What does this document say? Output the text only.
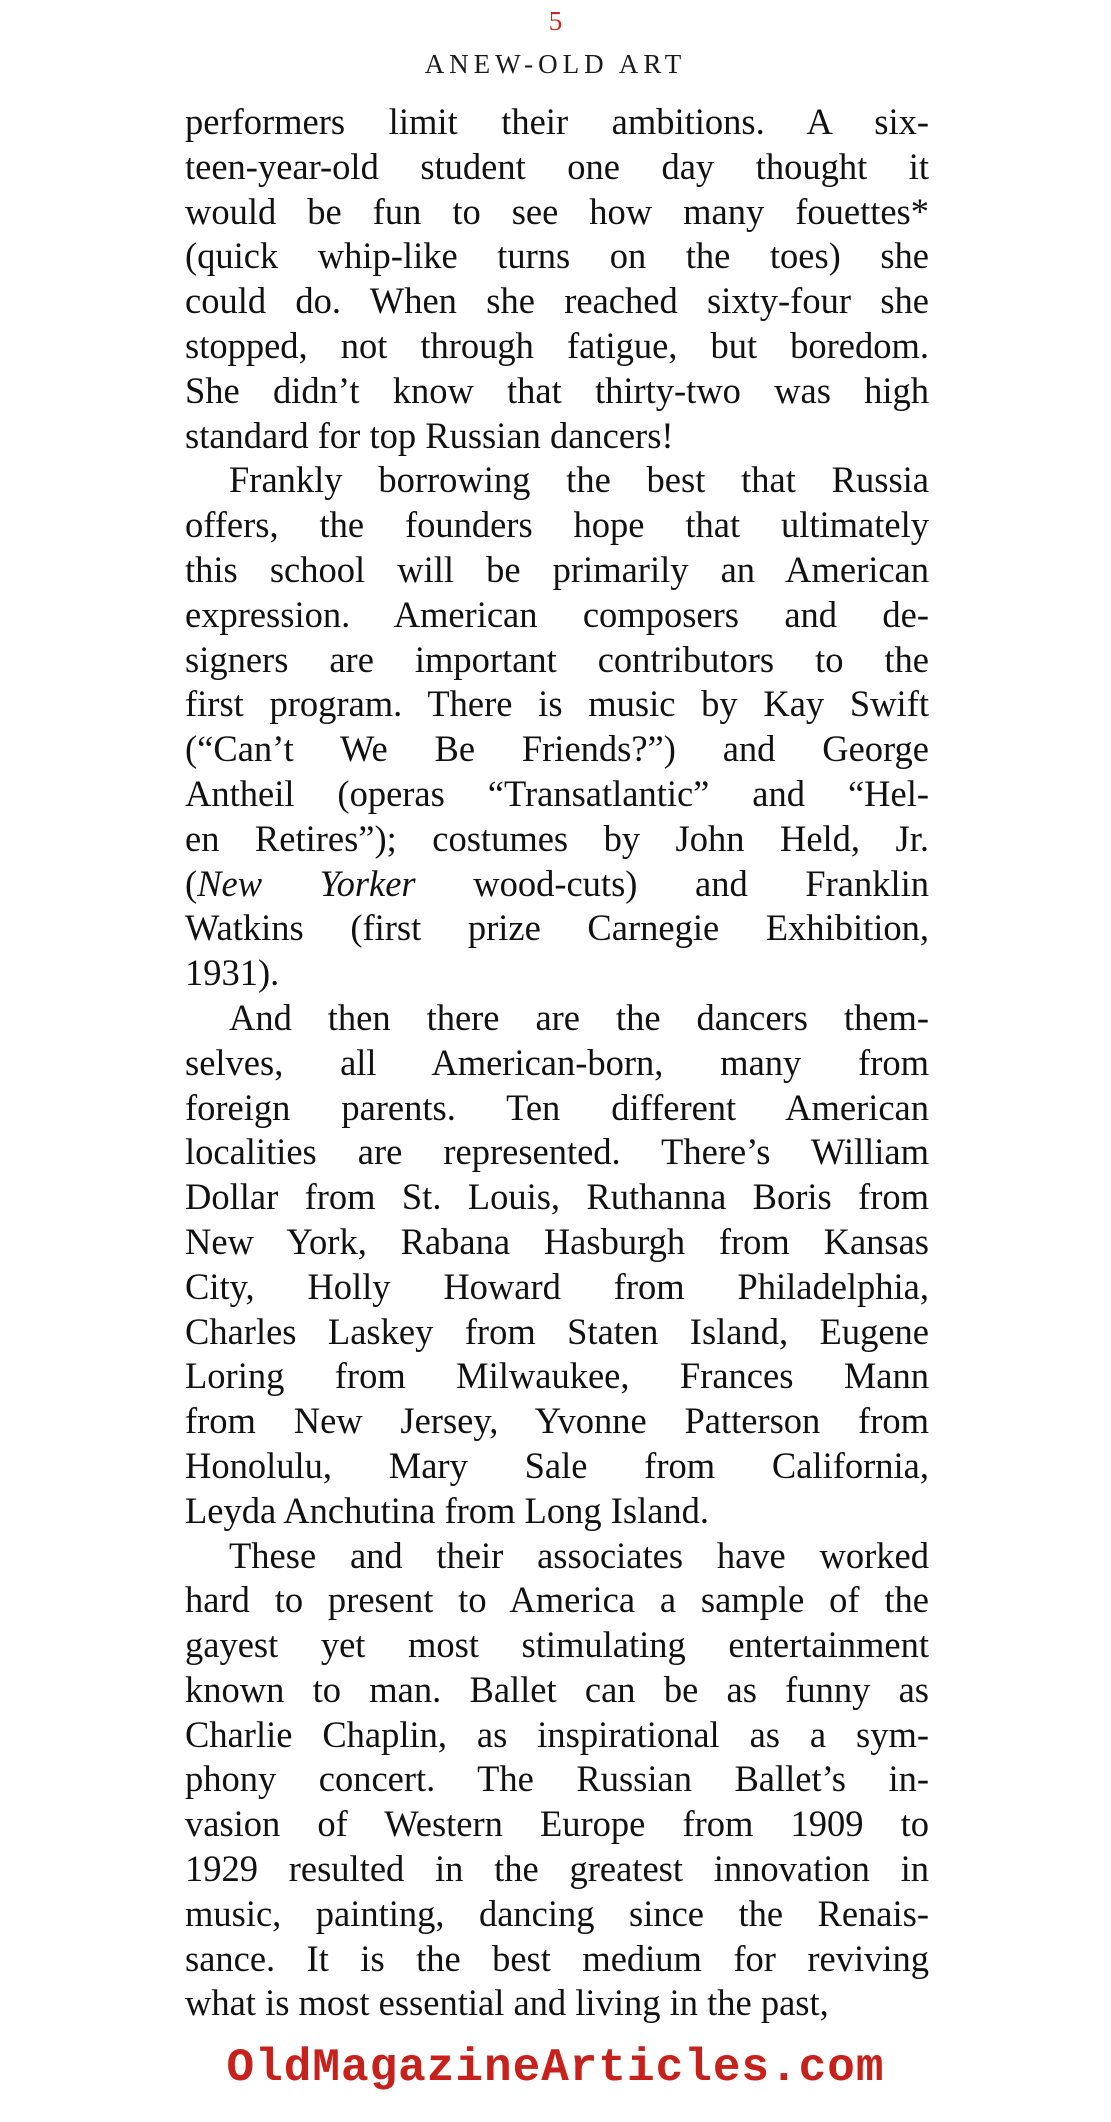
5
ANEW-OLD ART
performers limit their ambitions. A six-
teen-year-old student one day thought it
would be fun to see how many fouettes*
(quick whip-like turns on the toes) she
could do. When she reached sixty-four she
stopped, not through fatigue, but boredom.
She didn’t know that thirty-two was high
standard for top Russian dancers!
Frankly borrowing the best that Russia
offers, the founders hope that ultimately
this school will be primarily an American
expression. American composers and de-
signers are important contributors to the
first program. There is music by Kay Swift
(“Can’t We Be Friends?”) and George
Antheil (operas “Transatlantic” and “Hel-
en Retires”); costumes by John Held, Jr.
(New Yorker wood-cuts) and Franklin
Watkins (first prize Carnegie Exhibition,
1931).
And then there are the dancers them-
selves, all American-born, many from
foreign parents. Ten different American
localities are represented. There’s William
Dollar from St. Louis, Ruthanna Boris from
New York, Rabana Hasburgh from Kansas
City, Holly Howard from Philadelphia,
Charles Laskey from Staten Island, Eugene
Loring from Milwaukee, Frances Mann
from New Jersey, Yvonne Patterson from
Honolulu, Mary Sale from California,
Leyda Anchutina from Long Island.
These and their associates have worked
hard to present to America a sample of the
gayest yet most stimulating entertainment
known to man. Ballet can be as funny as
Charlie Chaplin, as inspirational as a sym-
phony concert. The Russian Ballet’s in-
vasion of Western Europe from 1909 to
1929 resulted in the greatest innovation in
music, painting, dancing since the Renais-
sance. It is the best medium for reviving
what is most essential and living in the past,
OldMagazineArticles.com
